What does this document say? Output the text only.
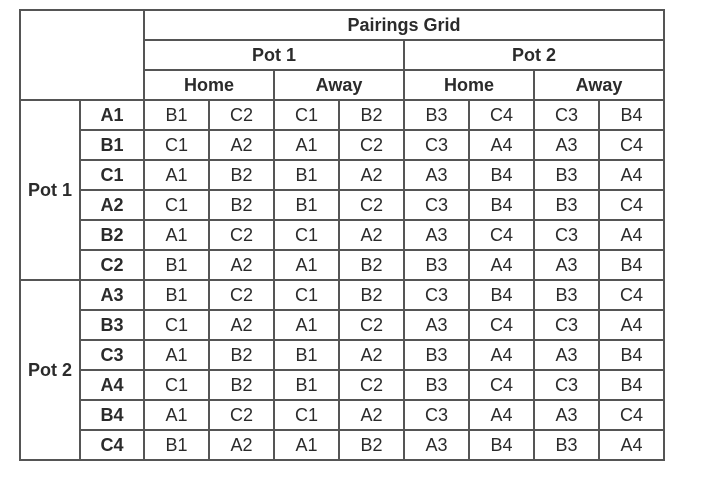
		Pairings Grid							
		Pot 1				Pot 2			
		Home		Away		Home		Away	
Pot 1	A1	B1	C2	C1	B2	B3	C4	C3	B4
	B1	C1	A2	A1	C2	C3	A4	A3	C4
	C1	A1	B2	B1	A2	A3	B4	B3	A4
	A2	C1	B2	B1	C2	C3	B4	B3	C4
	B2	A1	C2	C1	A2	A3	C4	C3	A4
	C2	B1	A2	A1	B2	B3	A4	A3	B4
Pot 2	A3	B1	C2	C1	B2	C3	B4	B3	C4
	B3	C1	A2	A1	C2	A3	C4	C3	A4
	C3	A1	B2	B1	A2	B3	A4	A3	B4
	A4	C1	B2	B1	C2	B3	C4	C3	B4
	B4	A1	C2	C1	A2	C3	A4	A3	C4
	C4	B1	A2	A1	B2	A3	B4	B3	A4
